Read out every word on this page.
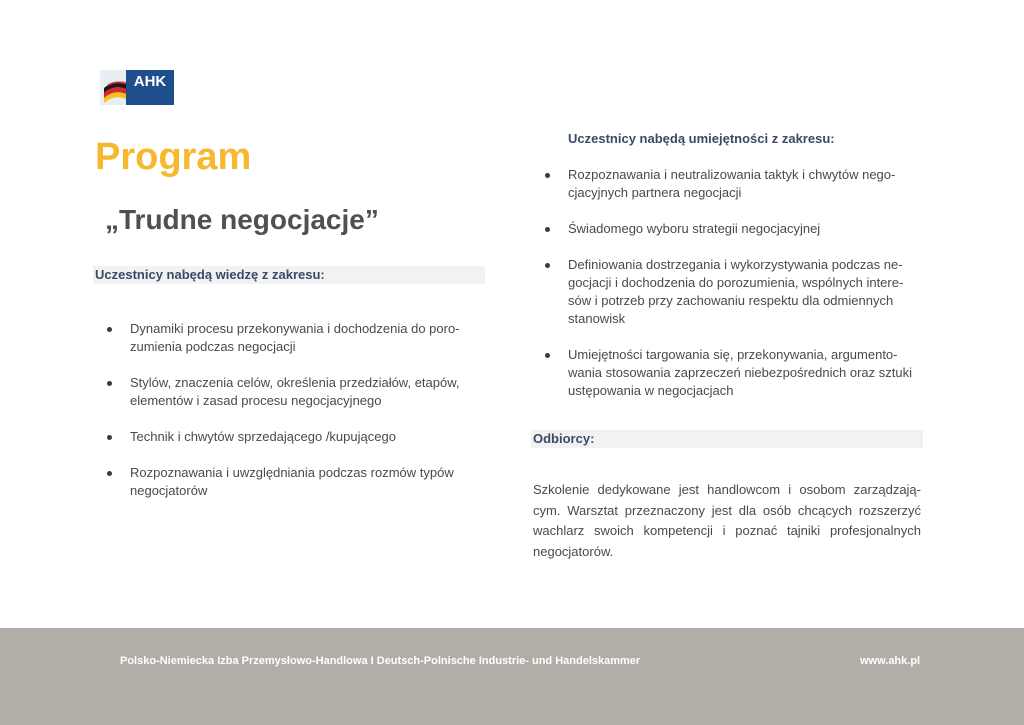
AHK
Program
„Trudne negocjacje”
Uczestnicy nabędą wiedzę z zakresu:
Dynamiki procesu przekonywania i dochodzenia do poro-
zumienia podczas negocjacji
Stylów, znaczenia celów, określenia przedziałów, etapów,
elementów i zasad procesu negocjacyjnego
Technik i chwytów sprzedającego /kupującego
Rozpoznawania i uwzględniania podczas rozmów typów
negocjatorów
Uczestnicy nabędą umiejętności z zakresu:
Rozpoznawania i neutralizowania taktyk i chwytów nego-
cjacyjnych partnera negocjacji
Świadomego wyboru strategii negocjacyjnej
Definiowania dostrzegania i wykorzystywania podczas ne-
gocjacji i dochodzenia do porozumienia, wspólnych intere-
sów i potrzeb przy zachowaniu respektu dla odmiennych
stanowisk
Umiejętności targowania się, przekonywania, argumento-
wania stosowania zaprzeczeń niebezpośrednich oraz sztuki
ustępowania w negocjacjach
Odbiorcy:

Szkolenie dedykowane jest handlowcom i osobom zarządzają-cym. Warsztat przeznaczony jest dla osób chcących rozszerzyć wachlarz swoich kompetencji i poznać tajniki profesjonalnych negocjatorów.

Polsko-Niemiecka Izba Przemysłowo-Handlowa I Deutsch-Polnische Industrie- und Handelskammer	www.ahk.pl
